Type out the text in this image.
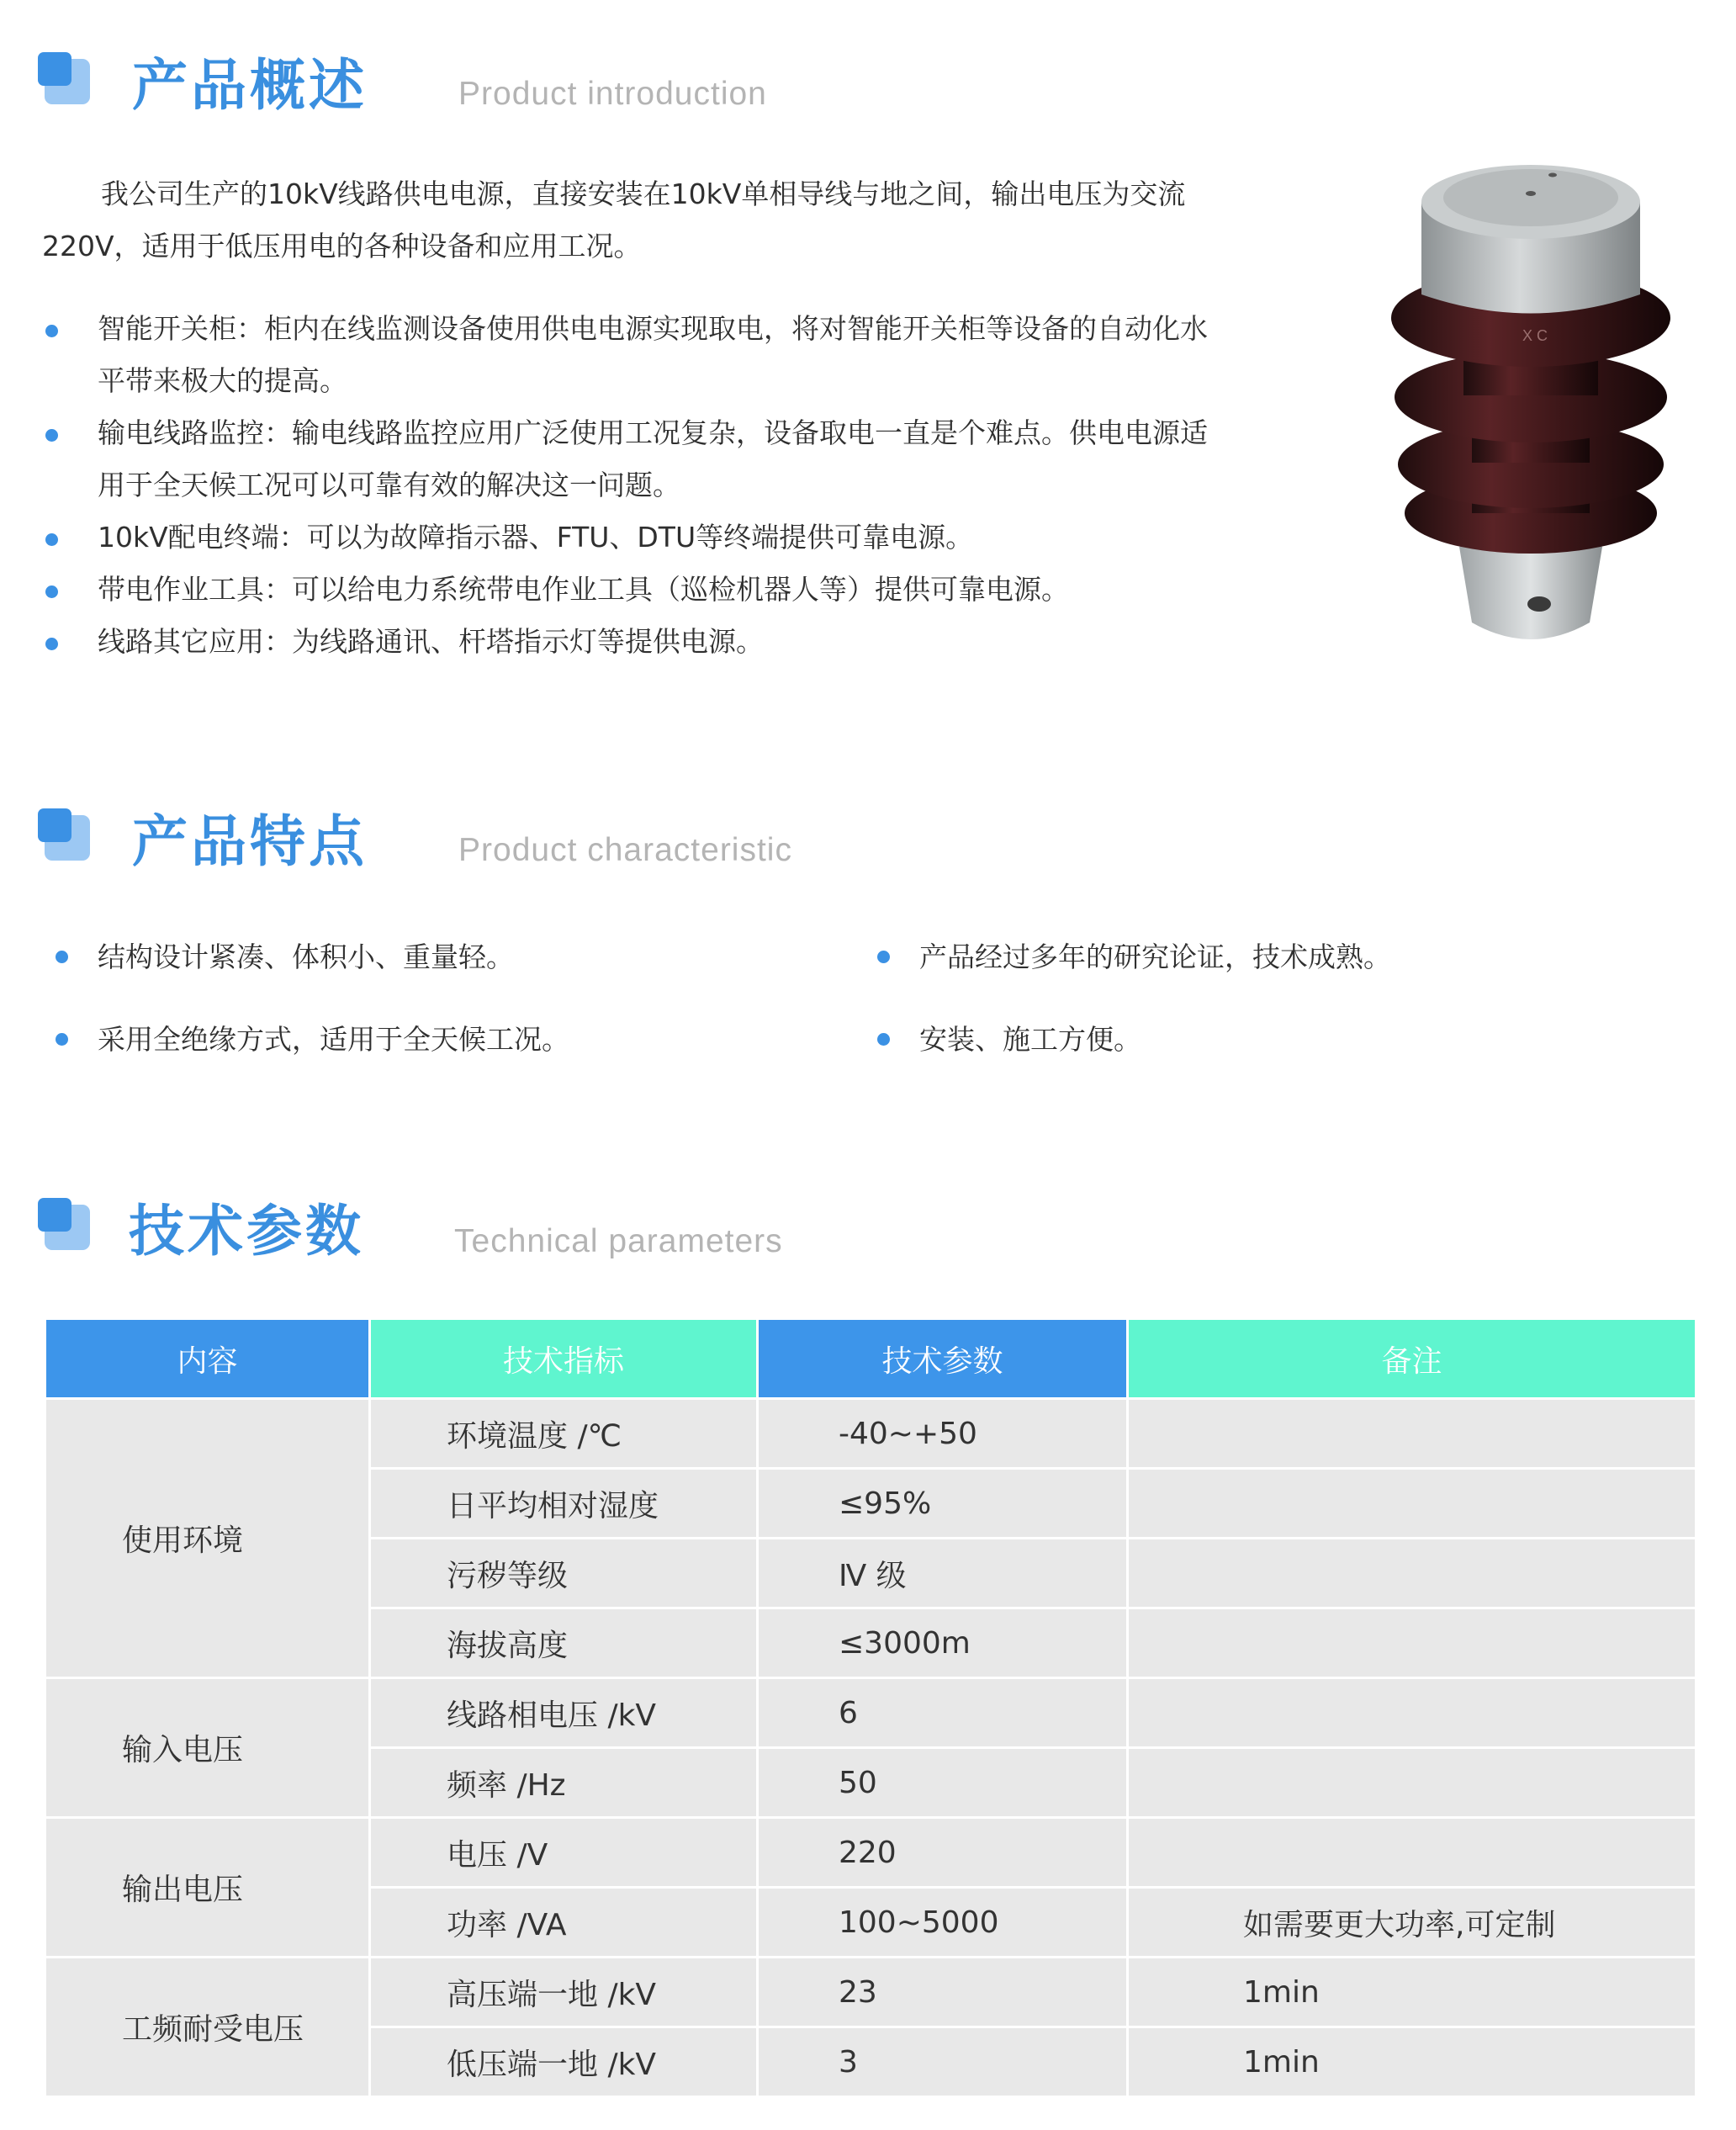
产品概述	Product introduction
我公司生产的10kV线路供电电源，直接安装在10kV单相导线与地之间，输出电压为交流220V，适用于低压用电的各种设备和应用工况。
智能开关柜：柜内在线监测设备使用供电电源实现取电，将对智能开关柜等设备的自动化水平带来极大的提高。
输电线路监控：输电线路监控应用广泛使用工况复杂，设备取电一直是个难点。供电电源适用于全天候工况可以可靠有效的解决这一问题。
10kV配电终端：可以为故障指示器、FTU、DTU等终端提供可靠电源。
带电作业工具：可以给电力系统带电作业工具（巡检机器人等）提供可靠电源。
线路其它应用：为线路通讯、杆塔指示灯等提供电源。
X C
产品特点	Product characteristic
结构设计紧凑、体积小、重量轻。	产品经过多年的研究论证，技术成熟。
采用全绝缘方式，适用于全天候工况。	安装、施工方便。
技术参数	Technical parameters
内容	技术指标	技术参数	备注
使用环境	环境温度 /℃	-40~+50	
	日平均相对湿度	≤95%	
	污秽等级	Ⅳ 级	
	海拔高度	≤3000m	
输入电压	线路相电压 /kV	6	
	频率 /Hz	50	
输出电压	电压 /V	220	
	功率 /VA	100~5000	如需要更大功率,可定制
工频耐受电压	高压端一地 /kV	23	1min
	低压端一地 /kV	3	1min
